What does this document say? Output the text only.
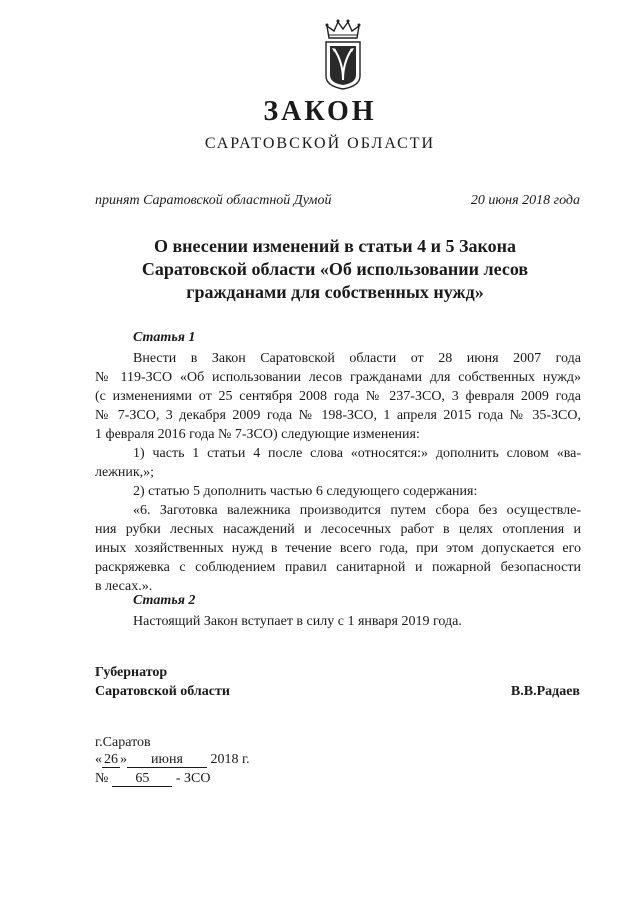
ЗАКОН
САРАТОВСКОЙ ОБЛАСТИ
принят Саратовской областной Думой	20 июня 2018 года
О внесении изменений в статьи 4 и 5 Закона
Саратовской области «Об использовании лесов
гражданами для собственных нужд»
Статья 1
Внести в Закон Саратовской области от 28 июня 2007 года
№ 119-ЗСО «Об использовании лесов гражданами для собственных нужд»
(с изменениями от 25 сентября 2008 года № 237-ЗСО, 3 февраля 2009 года
№ 7-ЗСО, 3 декабря 2009 года № 198-ЗСО, 1 апреля 2015 года № 35-ЗСО,
1 февраля 2016 года № 7-ЗСО) следующие изменения:
1) часть 1 статьи 4 после слова «относятся:» дополнить словом «ва-
лежник,»;
2) статью 5 дополнить частью 6 следующего содержания:
«6. Заготовка валежника производится путем сбора без осуществле-
ния рубки лесных насаждений и лесосечных работ в целях отопления и
иных хозяйственных нужд в течение всего года, при этом допускается его
раскряжевка с соблюдением правил санитарной и пожарной безопасности
в лесах.».
Статья 2
Настоящий Закон вступает в силу с 1 января 2019 года.
Губернатор
Саратовской области	В.В.Радаев
г.Саратов
« 26 » июня 2018 г.
№ 65 - ЗСО
